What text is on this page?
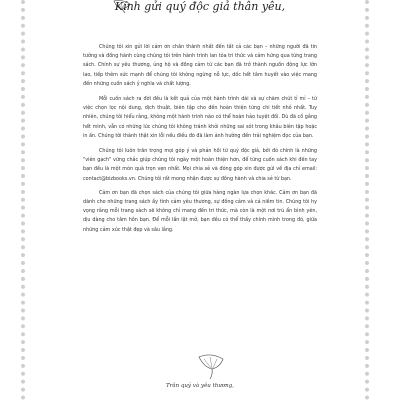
Kính gửi quý độc giả thân yêu,

Chúng tôi xin gửi lời cảm ơn chân thành nhất đến tất cả các bạn – những người đã tin tưởng và đồng hành cùng chúng tôi trên hành trình lan tỏa tri thức và cảm hứng qua từng trang sách. Chính sự yêu thương, ủng hộ và đồng cảm từ các bạn đã trở thành nguồn động lực lớn lao, tiếp thêm sức mạnh để chúng tôi không ngừng nỗ lực, dốc hết tâm huyết vào việc mang đến những cuốn sách ý nghĩa và chất lượng.

Mỗi cuốn sách ra đời đều là kết quả của một hành trình dài và sự chăm chút tỉ mỉ – từ việc chọn lọc nội dung, dịch thuật, biên tập cho đến hoàn thiện từng chi tiết nhỏ nhất. Tuy nhiên, chúng tôi hiểu rằng, không một hành trình nào có thể hoàn hảo tuyệt đối. Dù đã cố gắng hết mình, vẫn có những lúc chúng tôi không tránh khỏi những sai sót trong khâu biên tập hoặc in ấn. Chúng tôi thành thật xin lỗi nếu điều đó đã làm ảnh hưởng đến trải nghiệm đọc của bạn.

Chúng tôi luôn trân trọng mọi góp ý và phản hồi từ quý độc giả, bởi đó chính là những "viên gạch" vững chắc giúp chúng tôi ngày một hoàn thiện hơn, để từng cuốn sách khi đến tay bạn đều là một món quà trọn vẹn nhất. Mọi chia sẻ và đóng góp xin được gửi về địa chỉ email: contact@bizbooks.vn. Chúng tôi rất mong nhận được sự đồng hành và chia sẻ từ bạn.

Cảm ơn bạn đã chọn sách của chúng tôi giữa hàng ngàn lựa chọn khác. Cảm ơn bạn đã dành cho những trang sách ấy tình cảm yêu thương, sự đồng cảm và cả niềm tin. Chúng tôi hy vọng rằng mỗi trang sách sẽ không chỉ mang đến tri thức, mà còn là một nơi trú ẩn bình yên, dịu dàng cho tâm hồn bạn. Để mỗi lần lật mở, bạn đều có thể thấy chính mình trong đó, giữa những cảm xúc thật đẹp và sâu lắng.

Trân quý và yêu thương,
